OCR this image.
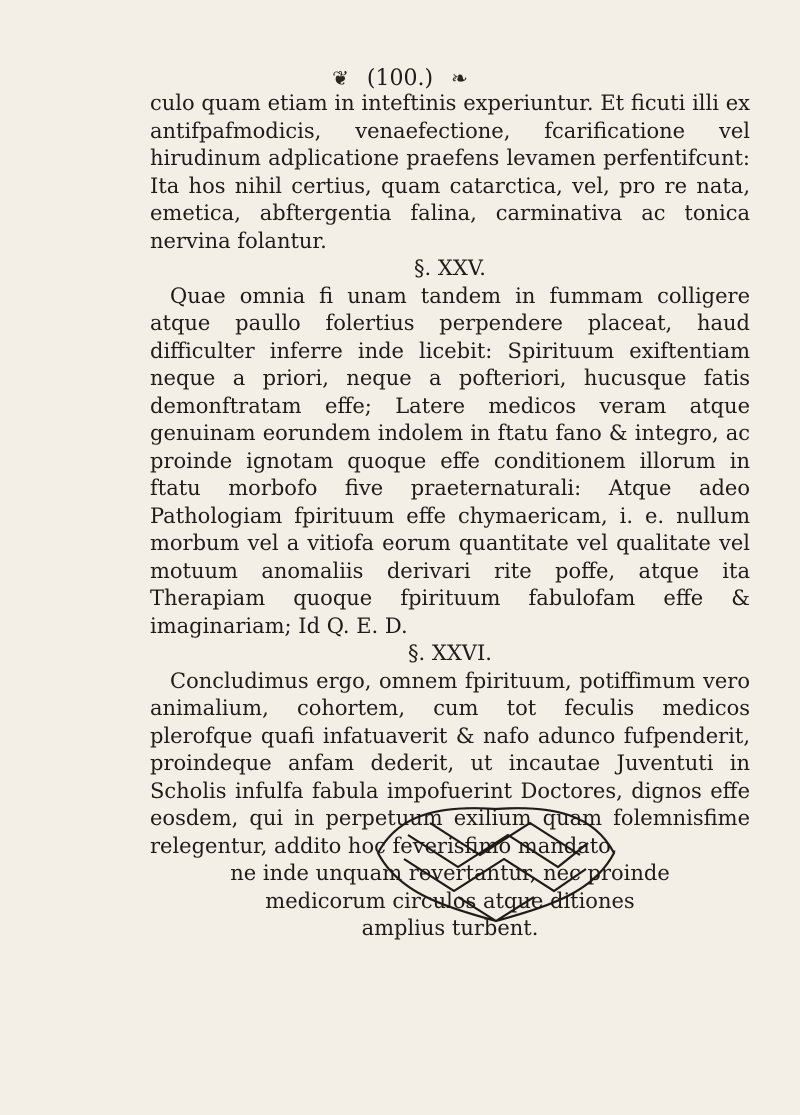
❦ (100.) ❧

culo quam etiam in inteftinis experiuntur. Et ficuti illi ex antifpafmodicis, venaefectione, fcarificatione vel hirudinum adplicatione praefens levamen perfentifcunt: Ita hos nihil certius, quam catarctica, vel, pro re nata, emetica, abftergentia falina, carminativa ac tonica nervina folantur.

§. XXV.

Quae omnia fi unam tandem in fummam colligere atque paullo folertius perpendere placeat, haud difficulter inferre inde licebit: Spirituum exiftentiam neque a priori, neque a pofteriori, hucusque fatis demonftratam effe; Latere medicos veram atque genuinam eorundem indolem in ftatu fano & integro, ac proinde ignotam quoque effe conditionem illorum in ftatu morbofo five praeternaturali: Atque adeo Pathologiam fpirituum effe chymaericam, i. e. nullum morbum vel a vitiofa eorum quantitate vel qualitate vel motuum anomaliis derivari rite poffe, atque ita Therapiam quoque fpirituum fabulofam effe & imaginariam; Id Q. E. D.

§. XXVI.

Concludimus ergo, omnem fpirituum, potiffimum vero animalium, cohortem, cum tot feculis medicos plerofque quafi infatuaverit & nafo adunco fufpenderit, proindeque anfam dederit, ut incautae Juventuti in Scholis infulfa fabula impofuerint Doctores, dignos effe eosdem, qui in perpetuum exilium quam folemnisfime relegentur, addito hoc feverisfimo mandato,

ne inde unquam revertantur, nec proinde
medicorum circulos atque ditiones
amplius turbent.
